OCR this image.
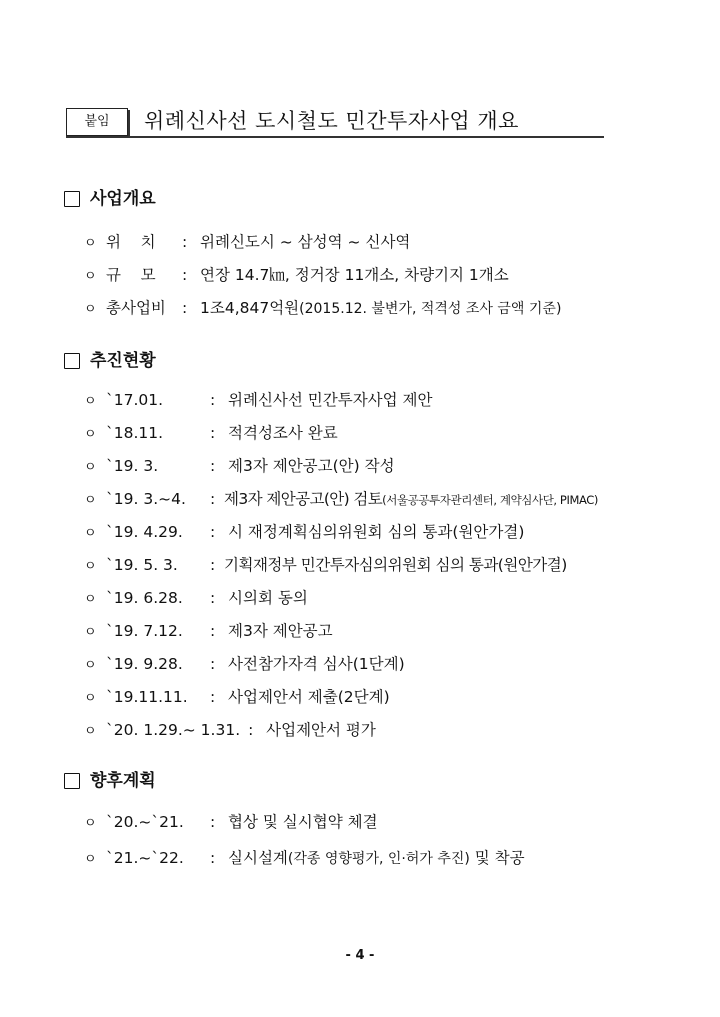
붙임	위례신사선 도시철도 민간투자사업 개요
사업개요
ㅇ 위    치 : 위례신도시 ~ 삼성역 ~ 신사역
ㅇ 규    모 : 연장 14.7㎞, 정거장 11개소, 차량기지 1개소
ㅇ 총사업비 : 1조4,847억원(2015.12. 불변가, 적격성 조사 금액 기준)
추진현황
ㅇ `17.01.	: 위례신사선 민간투자사업 제안
ㅇ `18.11.	: 적격성조사 완료
ㅇ `19. 3.	: 제3자 제안공고(안) 작성
ㅇ `19. 3.~4. : 제3자 제안공고(안) 검토(서울공공투자관리센터, 계약심사단, PIMAC)
ㅇ `19. 4.29. : 시 재정계획심의위원회 심의 통과(원안가결)
ㅇ `19. 5. 3. : 기획재정부 민간투자심의위원회 심의 통과(원안가결)
ㅇ `19. 6.28. : 시의회 동의
ㅇ `19. 7.12. : 제3자 제안공고
ㅇ `19. 9.28. : 사전참가자격 심사(1단계)
ㅇ `19.11.11. : 사업제안서 제출(2단계)
ㅇ `20. 1.29.~ 1.31. : 사업제안서 평가
향후계획
ㅇ `20.~`21. : 협상 및 실시협약 체결
ㅇ `21.~`22. : 실시설계(각종 영향평가, 인·허가 추진) 및 착공
- 4 -
